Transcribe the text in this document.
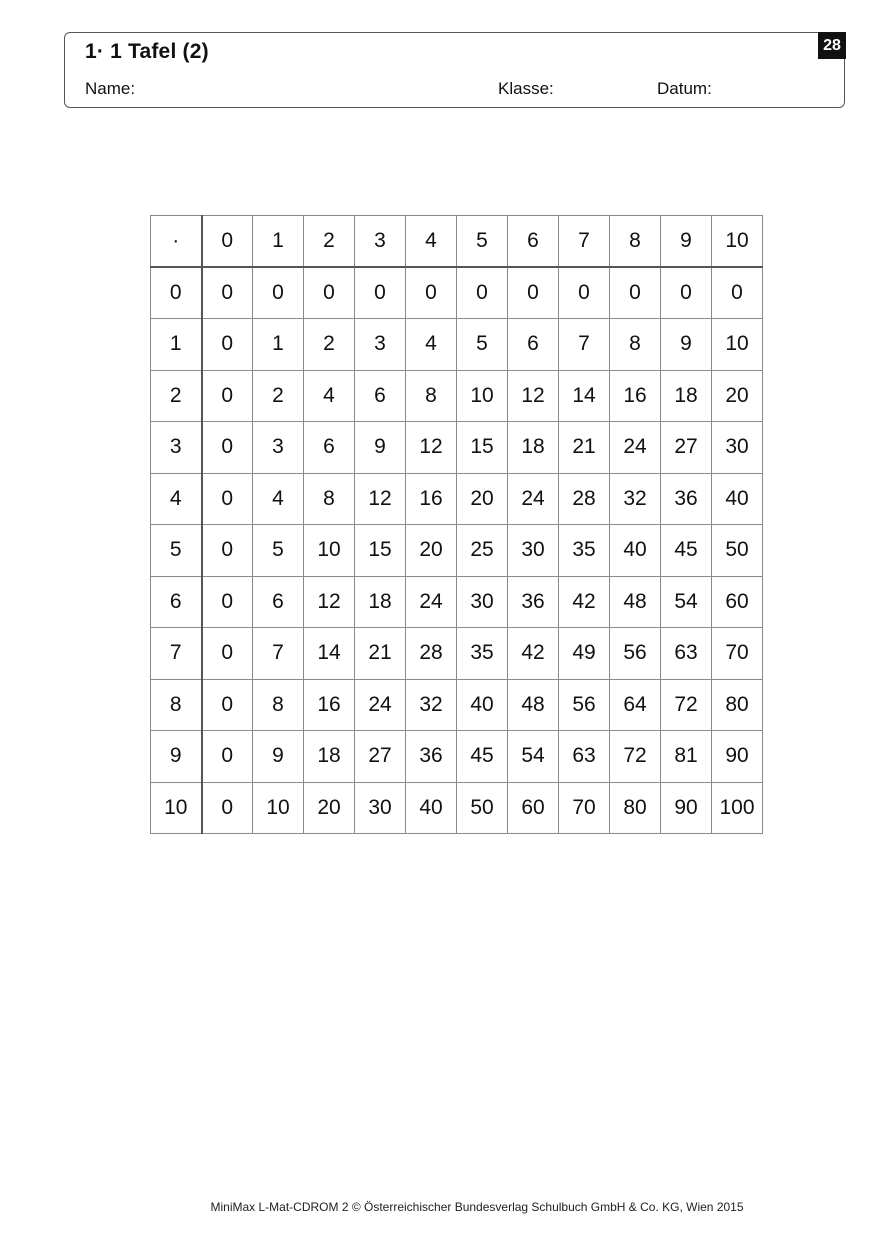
1· 1 Tafel (2)
Name:	Klasse:	Datum:
28
·	0	1	2	3	4	5	6	7	8	9	10
0	0	0	0	0	0	0	0	0	0	0	0
1	0	1	2	3	4	5	6	7	8	9	10
2	0	2	4	6	8	10	12	14	16	18	20
3	0	3	6	9	12	15	18	21	24	27	30
4	0	4	8	12	16	20	24	28	32	36	40
5	0	5	10	15	20	25	30	35	40	45	50
6	0	6	12	18	24	30	36	42	48	54	60
7	0	7	14	21	28	35	42	49	56	63	70
8	0	8	16	24	32	40	48	56	64	72	80
9	0	9	18	27	36	45	54	63	72	81	90
10	0	10	20	30	40	50	60	70	80	90	100
MiniMax L-Mat-CDROM 2 © Österreichischer Bundesverlag Schulbuch GmbH & Co. KG, Wien 2015
